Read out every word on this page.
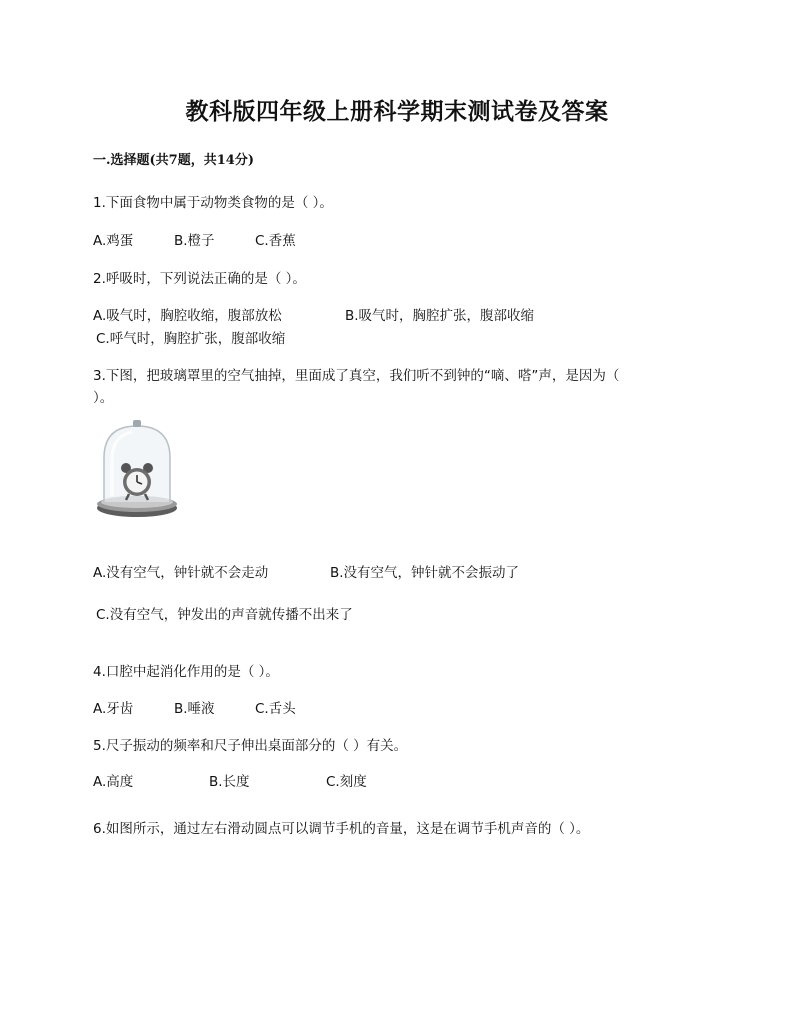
教科版四年级上册科学期末测试卷及答案
一.选择题(共7题，共14分)
1.下面食物中属于动物类食物的是（ ）。
A.鸡蛋	B.橙子	C.香蕉
2.呼吸时，下列说法正确的是（ ）。
A.吸气时，胸腔收缩，腹部放松	B.吸气时，胸腔扩张，腹部收缩
C.呼气时，胸腔扩张，腹部收缩
3.下图，把玻璃罩里的空气抽掉，里面成了真空，我们听不到钟的“嘀、嗒”声，是因为（
）。
A.没有空气，钟针就不会走动	B.没有空气，钟针就不会振动了
C.没有空气，钟发出的声音就传播不出来了
4.口腔中起消化作用的是（ ）。
A.牙齿	B.唾液	C.舌头
5.尺子振动的频率和尺子伸出桌面部分的（ ）有关。
A.高度	B.长度	C.刻度
6.如图所示，通过左右滑动圆点可以调节手机的音量，这是在调节手机声音的（ ）。
